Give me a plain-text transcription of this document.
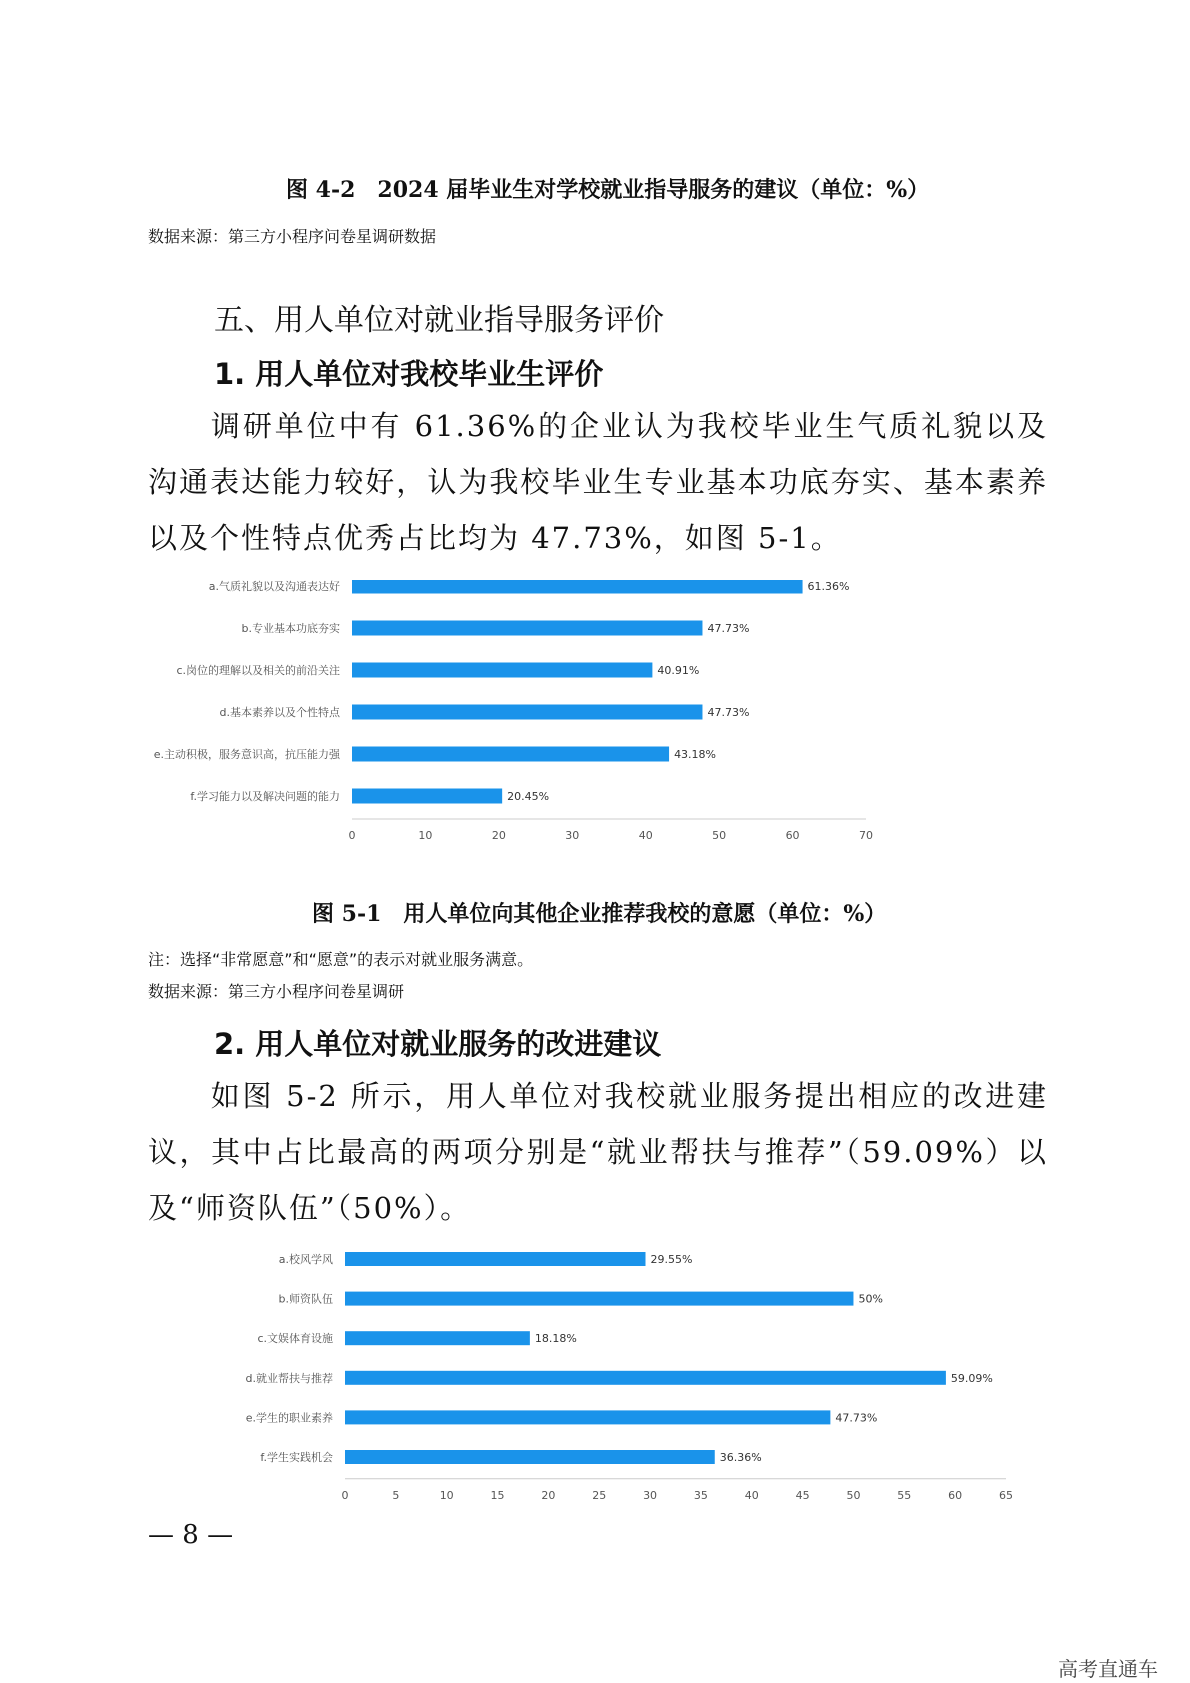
图 4-2　2024 届毕业生对学校就业指导服务的建议（单位：%）
数据来源：第三方小程序问卷星调研数据
五、用人单位对就业指导服务评价
1. 用人单位对我校毕业生评价
调研单位中有 61.36%的企业认为我校毕业生气质礼貌以及沟通表达能力较好，认为我校毕业生专业基本功底夯实、基本素养以及个性特点优秀占比均为 47.73%，如图 5-1。
a.气质礼貌以及沟通表达好	61.36%
b.专业基本功底夯实	47.73%
c.岗位的理解以及相关的前沿关注	40.91%
d.基本素养以及个性特点	47.73%
e.主动积极，服务意识高，抗压能力强	43.18%
f.学习能力以及解决问题的能力	20.45%
0	10	20	30	40	50	60	70
图 5-1　用人单位向其他企业推荐我校的意愿（单位：%）
注：选择“非常愿意”和“愿意”的表示对就业服务满意。
数据来源：第三方小程序问卷星调研
2. 用人单位对就业服务的改进建议
如图 5-2 所示，用人单位对我校就业服务提出相应的改进建议，其中占比最高的两项分别是“就业帮扶与推荐”（59.09%）以及“师资队伍”（50%）。
a.校风学风	29.55%
b.师资队伍	50%
c.文娱体育设施	18.18%
d.就业帮扶与推荐	59.09%
e.学生的职业素养	47.73%
f.学生实践机会	36.36%
0	5	10	15	20	25	30	35	40	45	50	55	60	65
— 8 —
高考直通车
